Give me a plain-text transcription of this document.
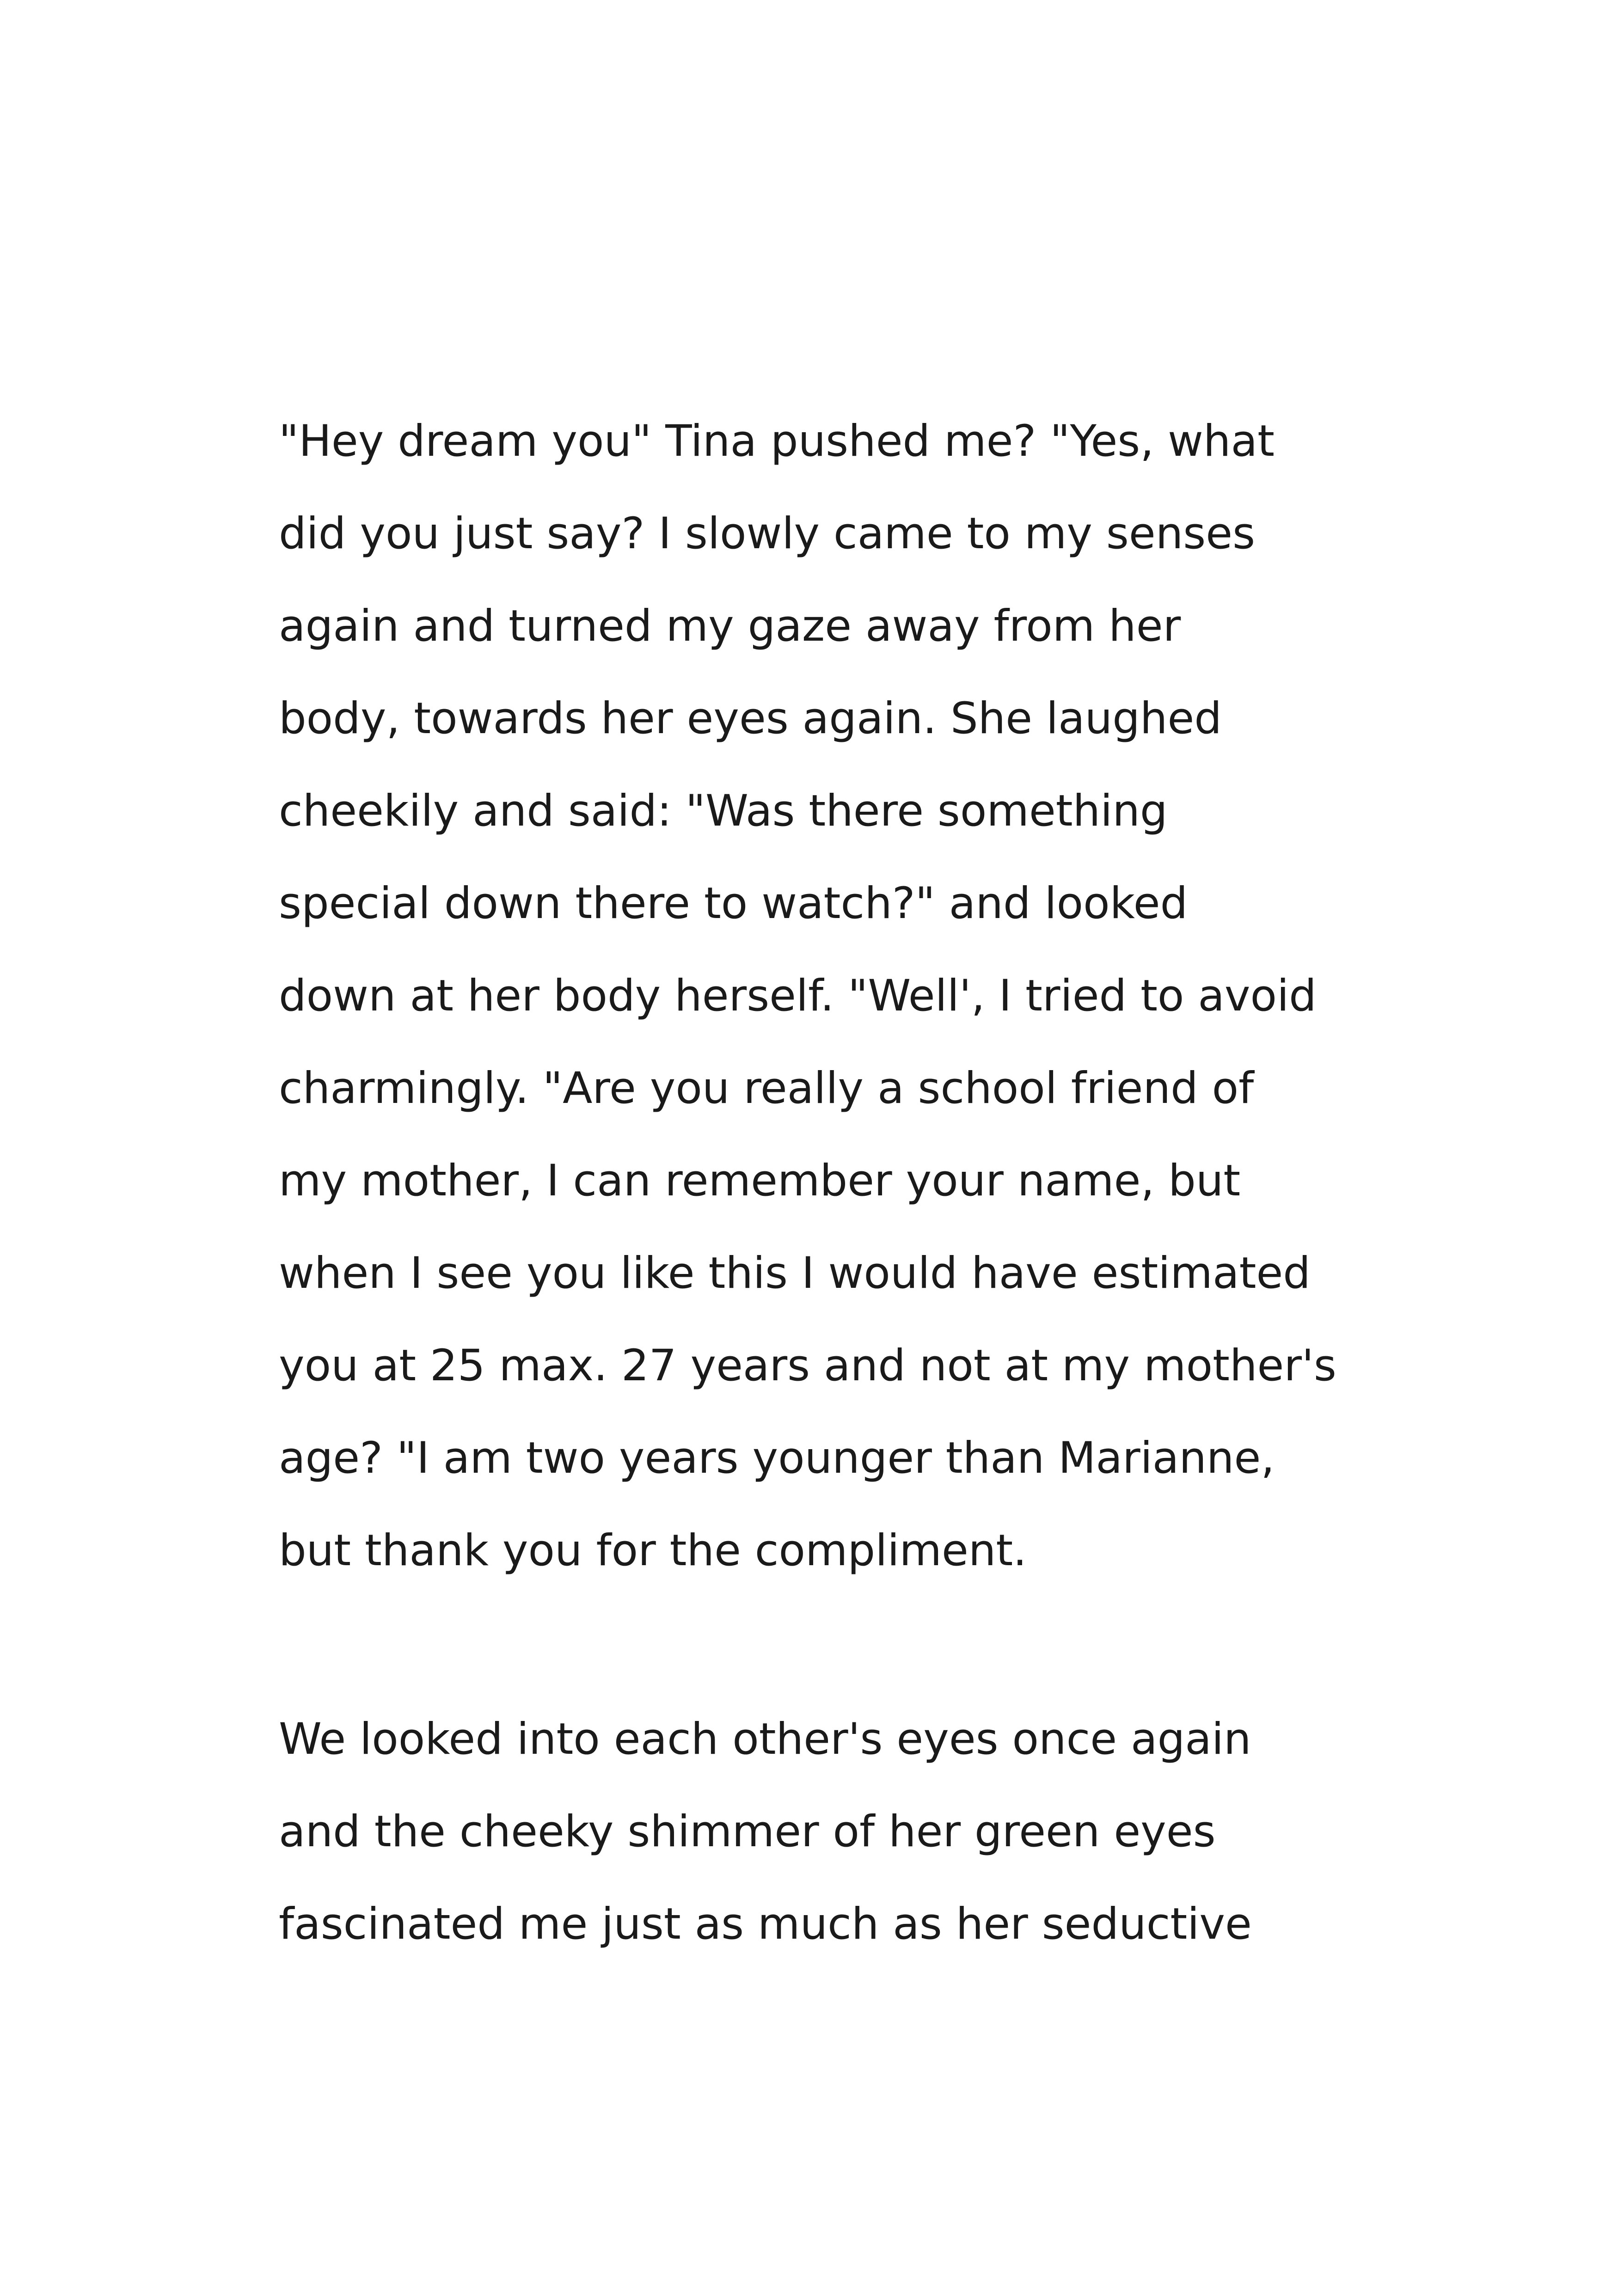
"Hey dream you" Tina pushed me? "Yes, what
did you just say? I slowly came to my senses
again and turned my gaze away from her
body, towards her eyes again. She laughed
cheekily and said: "Was there something
special down there to watch?" and looked
down at her body herself. "Well', I tried to avoid
charmingly. "Are you really a school friend of
my mother, I can remember your name, but
when I see you like this I would have estimated
you at 25 max. 27 years and not at my mother's
age? "I am two years younger than Marianne,
but thank you for the compliment.
We looked into each other's eyes once again
and the cheeky shimmer of her green eyes
fascinated me just as much as her seductive
